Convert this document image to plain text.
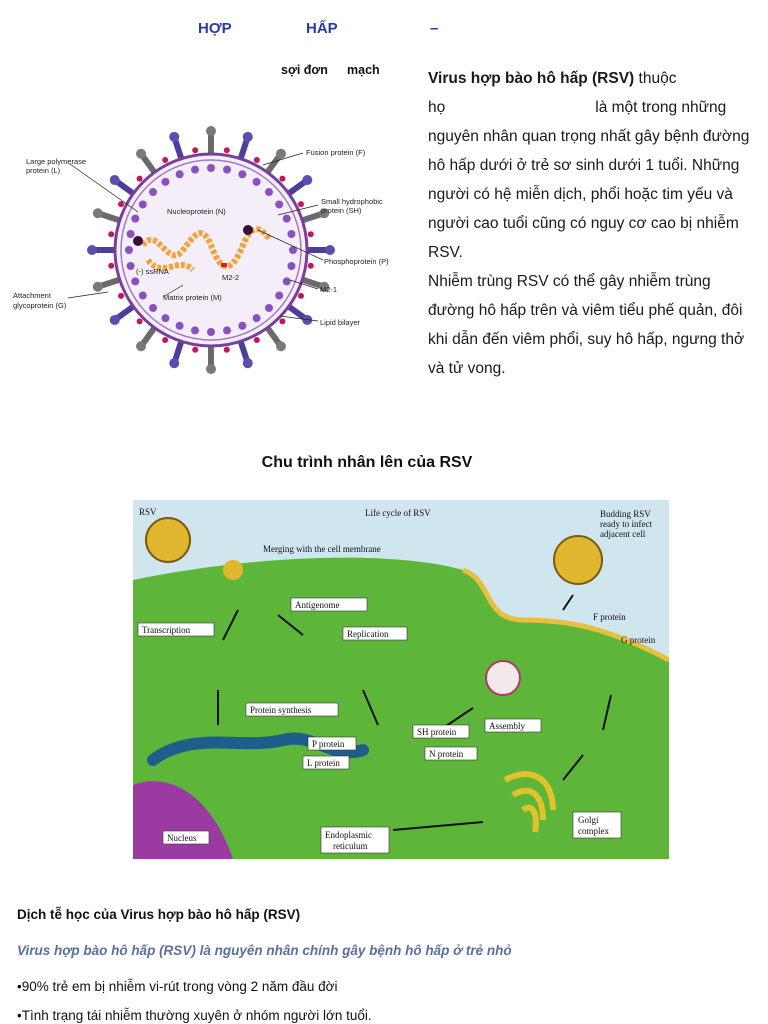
HỢP	HẤP	–
sợi đơn mạch	Virus hợp bào hô hấp (RSV) thuộc
họ	là một trong những nguyên nhân quan trọng nhất gây bệnh đường hô hấp dưới ở trẻ sơ sinh dưới 1 tuổi. Những người có hệ miễn dịch, phổi hoặc tim yếu và người cao tuổi cũng có nguy cơ cao bị nhiễm RSV.

Nhiễm trùng RSV có thể gây nhiễm trùng đường hô hấp trên và viêm tiểu phế quản, đôi khi dẫn đến viêm phổi, suy hô hấp, ngưng thở và tử vong.

Large polymerase
protein (L)
Fusion protein (F)
Small hydrophobic
protein (SH)
Nucleoprotein (N)
Phosphoprotein (P)
(-) ssRNA
M2-2
M2-1
Attachment
glycoprotein (G)
Matrix protein (M)
Lipid bilayer
Chu trình nhân lên của RSV
RSV	Life cycle of RSV	Budding RSV
ready to infect
adjacent cell
Merging with the cell membrane
Antigenome
Transcription	Replication
F protein
G protein
Protein synthesis
Assembly
SH protein
P protein
N protein
L protein
Golgi
complex
Nucleus	Endoplasmic
reticulum
Dịch tễ học của Virus hợp bào hô hấp (RSV)
Virus hợp bào hô hấp (RSV) là nguyên nhân chính gây bệnh hô hấp ở trẻ nhỏ
•90% trẻ em bị nhiễm vi-rút trong vòng 2 năm đầu đời
•Tình trạng tái nhiễm thường xuyên ở nhóm người lớn tuổi.
